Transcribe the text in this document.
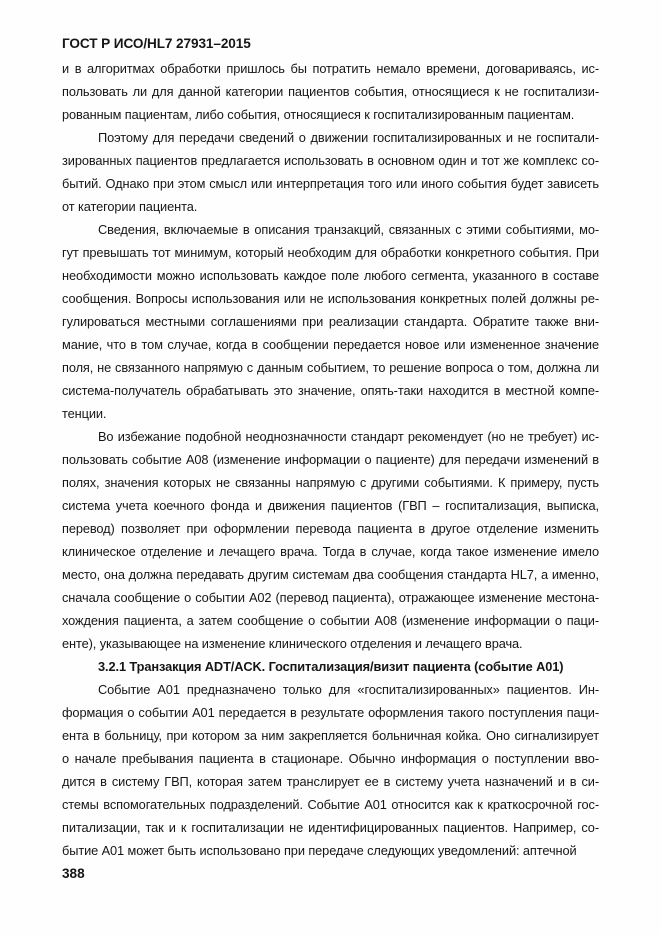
ГОСТ Р ИСО/HL7 27931–2015
и в алгоритмах обработки пришлось бы потратить немало времени, договариваясь, ис-
пользовать ли для данной категории пациентов события, относящиеся к не госпитализи-
рованным пациентам, либо события, относящиеся к госпитализированным пациентам.
Поэтому для передачи сведений о движении госпитализированных и не госпитали-
зированных пациентов предлагается использовать в основном один и тот же комплекс со-
бытий. Однако при этом смысл или интерпретация того или иного события будет зависеть
от категории пациента.
Сведения, включаемые в описания транзакций, связанных с этими событиями, мо-
гут превышать тот минимум, который необходим для обработки конкретного события. При
необходимости можно использовать каждое поле любого сегмента, указанного в составе
сообщения. Вопросы использования или не использования конкретных полей должны ре-
гулироваться местными соглашениями при реализации стандарта. Обратите также вни-
мание, что в том случае, когда в сообщении передается новое или измененное значение
поля, не связанного напрямую с данным событием, то решение вопроса о том, должна ли
система-получатель обрабатывать это значение, опять-таки находится в местной компе-
тенции.
Во избежание подобной неоднозначности стандарт рекомендует (но не требует) ис-
пользовать событие A08 (изменение информации о пациенте) для передачи изменений в
полях, значения которых не связанны напрямую с другими событиями. К примеру, пусть
система учета коечного фонда и движения пациентов (ГВП – госпитализация, выписка,
перевод) позволяет при оформлении перевода пациента в другое отделение изменить
клиническое отделение и лечащего врача. Тогда в случае, когда такое изменение имело
место, она должна передавать другим системам два сообщения стандарта HL7, а именно,
сначала сообщение о событии A02 (перевод пациента), отражающее изменение местона-
хождения пациента, а затем сообщение о событии A08 (изменение информации о паци-
енте), указывающее на изменение клинического отделения и лечащего врача.
3.2.1 Транзакция ADT/ACK. Госпитализация/визит пациента (событие A01)
Событие A01 предназначено только для «госпитализированных» пациентов. Ин-
формация о событии A01 передается в результате оформления такого поступления паци-
ента в больницу, при котором за ним закрепляется больничная койка. Оно сигнализирует
о начале пребывания пациента в стационаре. Обычно информация о поступлении вво-
дится в систему ГВП, которая затем транслирует ее в систему учета назначений и в си-
стемы вспомогательных подразделений. Событие A01 относится как к краткосрочной гос-
питализации, так и к госпитализации не идентифицированных пациентов. Например, со-
бытие A01 может быть использовано при передаче следующих уведомлений: аптечной
388
